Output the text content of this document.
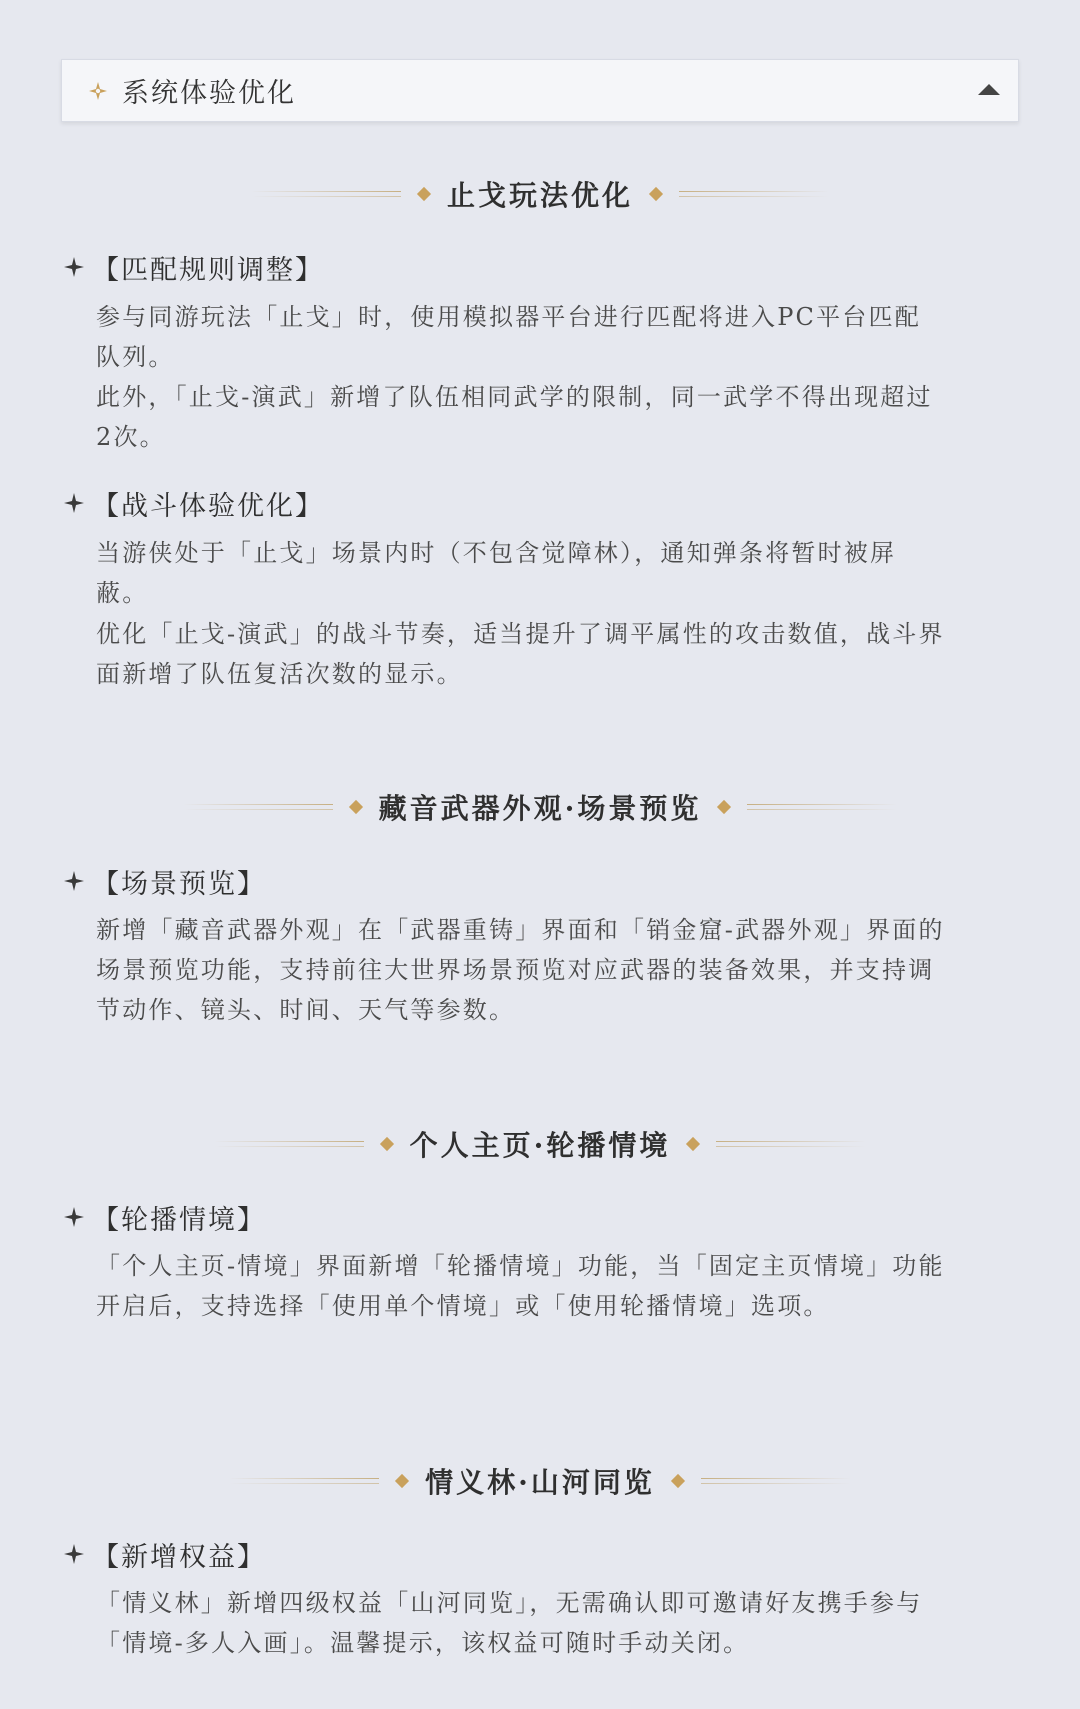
系统体验优化
止戈玩法优化
【匹配规则调整】
参与同游玩法「止戈」时，使用模拟器平台进行匹配将进入PC平台匹配队列。
此外，「止戈-演武」新增了队伍相同武学的限制，同一武学不得出现超过2次。
【战斗体验优化】
当游侠处于「止戈」场景内时（不包含觉障林），通知弹条将暂时被屏蔽。
优化「止戈-演武」的战斗节奏，适当提升了调平属性的攻击数值，战斗界面新增了队伍复活次数的显示。
藏音武器外观·场景预览
【场景预览】
新增「藏音武器外观」在「武器重铸」界面和「销金窟-武器外观」界面的场景预览功能，支持前往大世界场景预览对应武器的装备效果，并支持调节动作、镜头、时间、天气等参数。
个人主页·轮播情境
【轮播情境】
「个人主页-情境」界面新增「轮播情境」功能，当「固定主页情境」功能开启后，支持选择「使用单个情境」或「使用轮播情境」选项。
情义林·山河同览
【新增权益】
「情义林」新增四级权益「山河同览」，无需确认即可邀请好友携手参与「情境-多人入画」。温馨提示，该权益可随时手动关闭。
